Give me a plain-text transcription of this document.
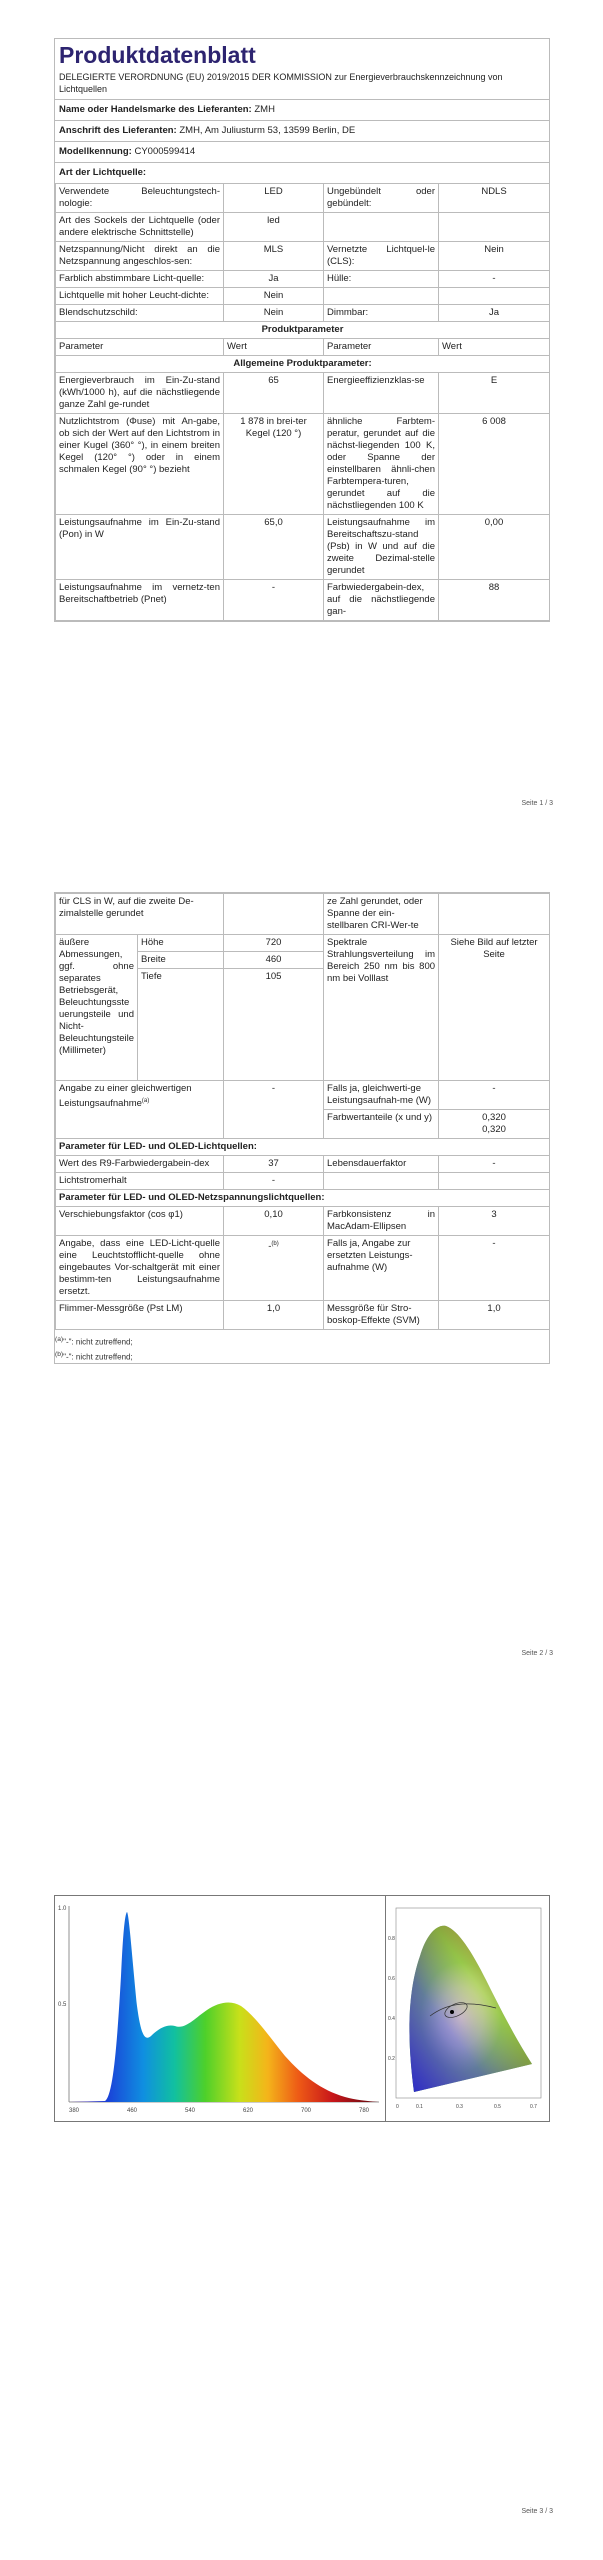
Produktdatenblatt
DELEGIERTE VERORDNUNG (EU) 2019/2015 DER KOMMISSION zur Energieverbrauchskennzeichnung von Lichtquellen
Name oder Handelsmarke des Lieferanten: ZMH
Anschrift des Lieferanten: ZMH, Am Juliusturm 53, 13599 Berlin, DE
Modellkennung: CY000599414
Art der Lichtquelle:
Verwendete Beleuchtungstech-nologie:	LED	Ungebündelt oder gebündelt:	NDLS
Art des Sockels der Lichtquelle (oder andere elektrische Schnittstelle)	led		
Netzspannung/Nicht direkt an die Netzspannung angeschlos-sen:	MLS	Vernetzte Lichtquel-le (CLS):	Nein
Farblich abstimmbare Licht-quelle:	Ja	Hülle:	-
Lichtquelle mit hoher Leucht-dichte:	Nein		
Blendschutzschild:	Nein	Dimmbar:	Ja
Produktparameter			
Parameter	Wert	Parameter	Wert
Allgemeine Produktparameter:			
Energieverbrauch im Ein-Zu-stand (kWh/1000 h), auf die nächstliegende ganze Zahl ge-rundet	65	Energieeffizienzklas-se	E
Nutzlichtstrom (Φuse) mit An-gabe, ob sich der Wert auf den Lichtstrom in einer Kugel (360° °), in einem breiten Kegel (120° °) oder in einem schmalen Kegel (90° °) bezieht	1 878 in brei-ter Kegel (120 °)	ähnliche Farbtem-peratur, gerundet auf die nächst-liegenden 100 K, oder Spanne der einstellbaren ähnli-chen Farbtempera-turen, gerundet auf die nächstliegenden 100 K	6 008
Leistungsaufnahme im Ein-Zu-stand (Pon) in W	65,0	Leistungsaufnahme im Bereitschaftszu-stand (Psb) in W und auf die zweite Dezimal-stelle gerundet	0,00
Leistungsaufnahme im vernetz-ten Bereitschaftbetrieb (Pnet)	-	Farbwiedergabein-dex, auf die nächstliegende gan-	88
Seite 1 / 3
für CLS in W, auf die zweite De-zimalstelle gerundet			ze Zahl gerundet, oder Spanne der ein-stellbaren CRI-Wer-te	
äußere Abmessungen, ggf. ohne separates Betriebsgerät, Beleuchtungssteuerungsteile und Nicht-Beleuchtungsteile (Millimeter)	Höhe	720	Spektrale Strahlungsverteilung im Bereich 250 nm bis 800 nm bei Volllast	Siehe Bild auf letzter Seite
	Breite	460		
	Tiefe	105		
Angabe zu einer gleichwertigen Leistungsaufnahme$^{(a)}$		-	Falls ja, gleichwerti-ge Leistungsaufnah-me (W)	-
			Farbwertanteile (x und y)	0,320
0,320
Parameter für LED- und OLED-Lichtquellen:				
Wert des R9-Farbwiedergabein-dex		37	Lebensdauerfaktor	-
Lichtstromerhalt		-		
Parameter für LED- und OLED-Netzspannungslichtquellen:				
Verschiebungsfaktor (cos φ1)		0,10	Farbkonsistenz in MacAdam-Ellipsen	3
Angabe, dass eine LED-Licht-quelle eine Leuchtstofflicht-quelle ohne eingebautes Vor-schaltgerät mit einer bestimm-ten Leistungsaufnahme ersetzt.		-$^{(b)}$	Falls ja, Angabe zur ersetzten Leistungs-aufnahme (W)	-
Flimmer-Messgröße (Pst LM)		1,0	Messgröße für Stro-boskop-Effekte (SVM)	1,0
$^{(a)}$"-": nicht zutreffend;
$^{(b)}$"-": nicht zutreffend;
Seite 2 / 3
1.0
0.5
380	460	540	620	700	780
0.8
0.6
0.4
0.2
0	0.1	0.3	0.5	0.7
Seite 3 / 3
